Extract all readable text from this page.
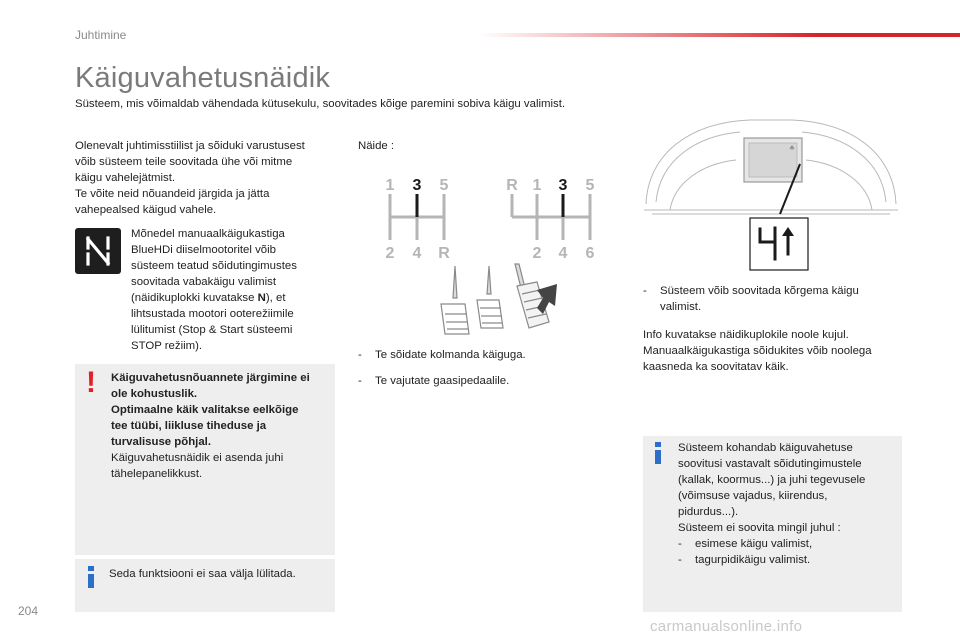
Juhtimine
Käiguvahetusnäidik

Süsteem, mis võimaldab vähendada kütusekulu, soovitades kõige paremini sobiva käigu valimist.

Olenevalt juhtimisstiilist ja sõiduki varustusest
võib süsteem teile soovitada ühe või mitme
käigu vahelejätmist.
Te võite neid nõuandeid järgida ja jätta
vahepealsed käigud vahele.
Mõnedel manuaalkäigukastiga
BlueHDi diiselmootoritel võib
süsteem teatud sõidutingimustes
soovitada vabakäigu valimist
(näidikuplokki kuvatakse N), et
lihtsustada mootori ooterežiimile
lülitumist (Stop & Start süsteemi
STOP režiim).
! Käiguvahetusnõuannete järgimine ei
ole kohustuslik.
Optimaalne käik valitakse eelkõige
tee tüübi, liikluse tiheduse ja
turvalisuse põhjal.
Käiguvahetusnäidik ei asenda juhi
tähelepanelikkust.
Seda funktsiooni ei saa välja lülitada.
Näide :
1 3 5
2 4 R
R 1 3 5
2 4 6
-	Te sõidate kolmanda käiguga.
-	Te vajutate gaasipedaalile.
4
-	Süsteem võib soovitada kõrgema käigu
valimist.
Info kuvatakse näidikuplokile noole kujul.
Manuaalkäigukastiga sõidukites võib noolega
kaasneda ka soovitatav käik.
Süsteem kohandab käiguvahetuse
soovitusi vastavalt sõidutingimustele
(kallak, koormus...) ja juhi tegevusele
(võimsuse vajadus, kiirendus,
pidurdus...).
Süsteem ei soovita mingil juhul :
-	esimese käigu valimist,
-	tagurpidikäigu valimist.
204
carmanualsonline.info
